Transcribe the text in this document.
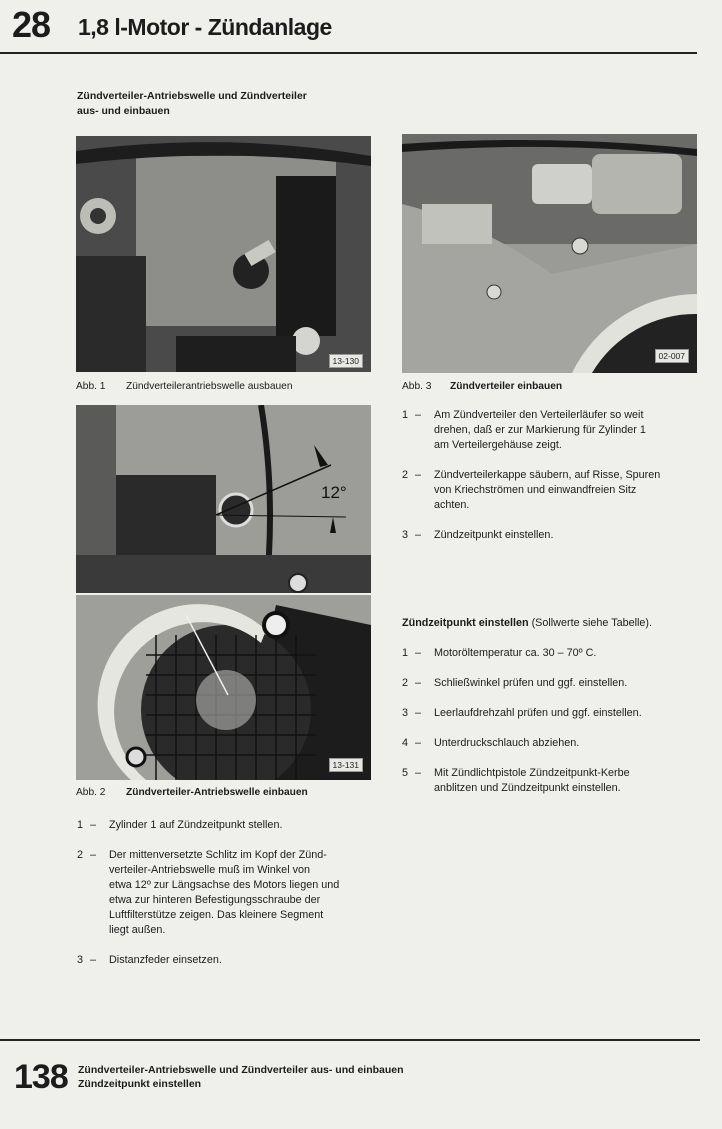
28 1,8 l-Motor - Zündanlage
Zündverteiler-Antriebswelle und Zündverteiler
aus- und einbauen
13-130
Abb. 1 Zündverteilerantriebswelle ausbauen
02-007
Abb. 3 Zündverteiler einbauen
12°
13-131
Abb. 2 Zündverteiler-Antriebswelle einbauen
1 –	Zylinder 1 auf Zündzeitpunkt stellen.
2 –	Der mittenversetzte Schlitz im Kopf der Zünd-
verteiler-Antriebswelle muß im Winkel von
etwa 12º zur Längsachse des Motors liegen und
etwa zur hinteren Befestigungsschraube der
Luftfilterstütze zeigen. Das kleinere Segment
liegt außen.
3 –	Distanzfeder einsetzen.
1 –	Am Zündverteiler den Verteilerläufer so weit
drehen, daß er zur Markierung für Zylinder 1
am Verteilergehäuse zeigt.
2 –	Zündverteilerkappe säubern, auf Risse, Spuren
von Kriechströmen und einwandfreien Sitz
achten.
3 –	Zündzeitpunkt einstellen.
Zündzeitpunkt einstellen (Sollwerte siehe Tabelle).
1 –	Motoröltemperatur ca. 30 – 70º C.
2 –	Schließwinkel prüfen und ggf. einstellen.
3 –	Leerlaufdrehzahl prüfen und ggf. einstellen.
4 –	Unterdruckschlauch abziehen.
5 –	Mit Zündlichtpistole Zündzeitpunkt-Kerbe
anblitzen und Zündzeitpunkt einstellen.
138 Zündverteiler-Antriebswelle und Zündverteiler aus- und einbauen
Zündzeitpunkt einstellen
